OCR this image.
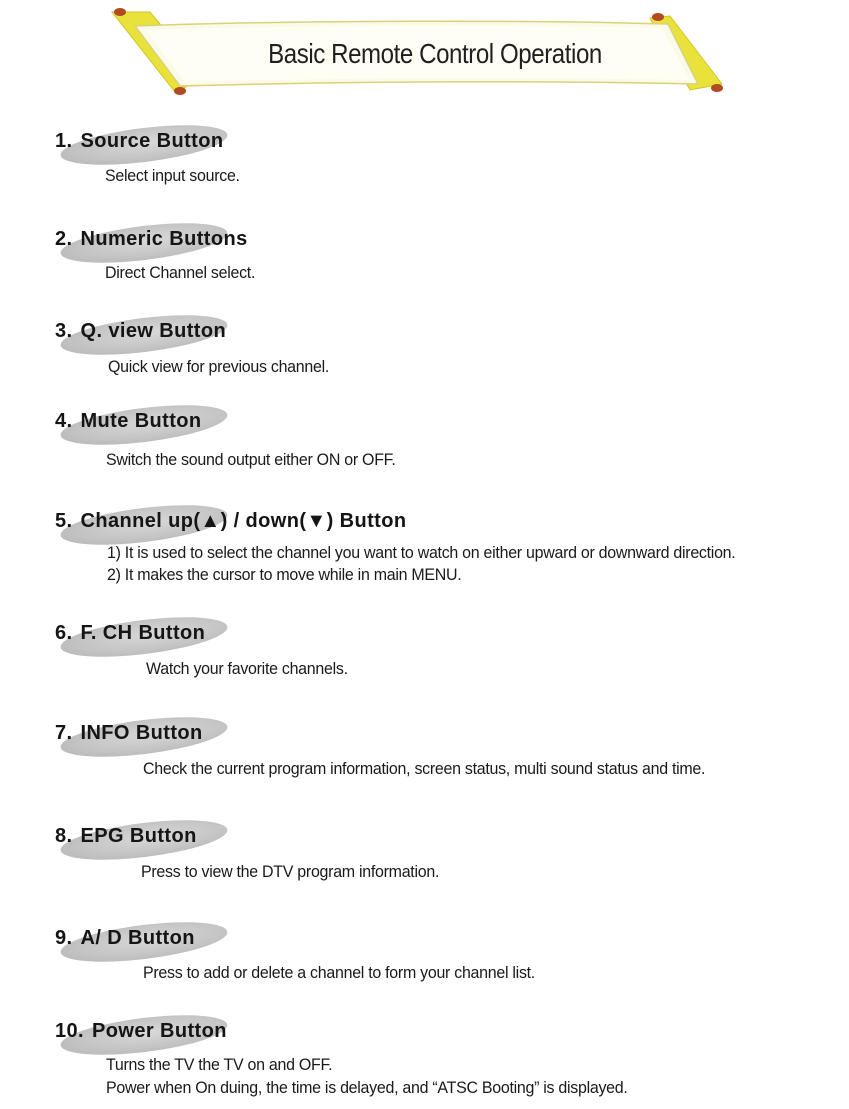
Basic Remote Control Operation
1. Source Button
Select input source.
2. Numeric Buttons
Direct Channel select.
3. Q. view Button
Quick view for previous channel.
4. Mute Button
Switch the sound output either ON or OFF.
5. Channel up(▲) / down(▼) Button
1) It is used to select the channel you want to watch on either upward or downward direction.
2) It makes the cursor to move while in main MENU.
6. F. CH Button
Watch your favorite channels.
7. INFO Button
Check the current program information, screen status, multi sound status and time.
8. EPG Button
Press to view the DTV program information.
9. A/ D Button
Press to add or delete a channel to form your channel list.
10. Power Button
Turns the TV the TV on and OFF.
Power when On duing, the time is delayed, and “ATSC Booting” is displayed.
